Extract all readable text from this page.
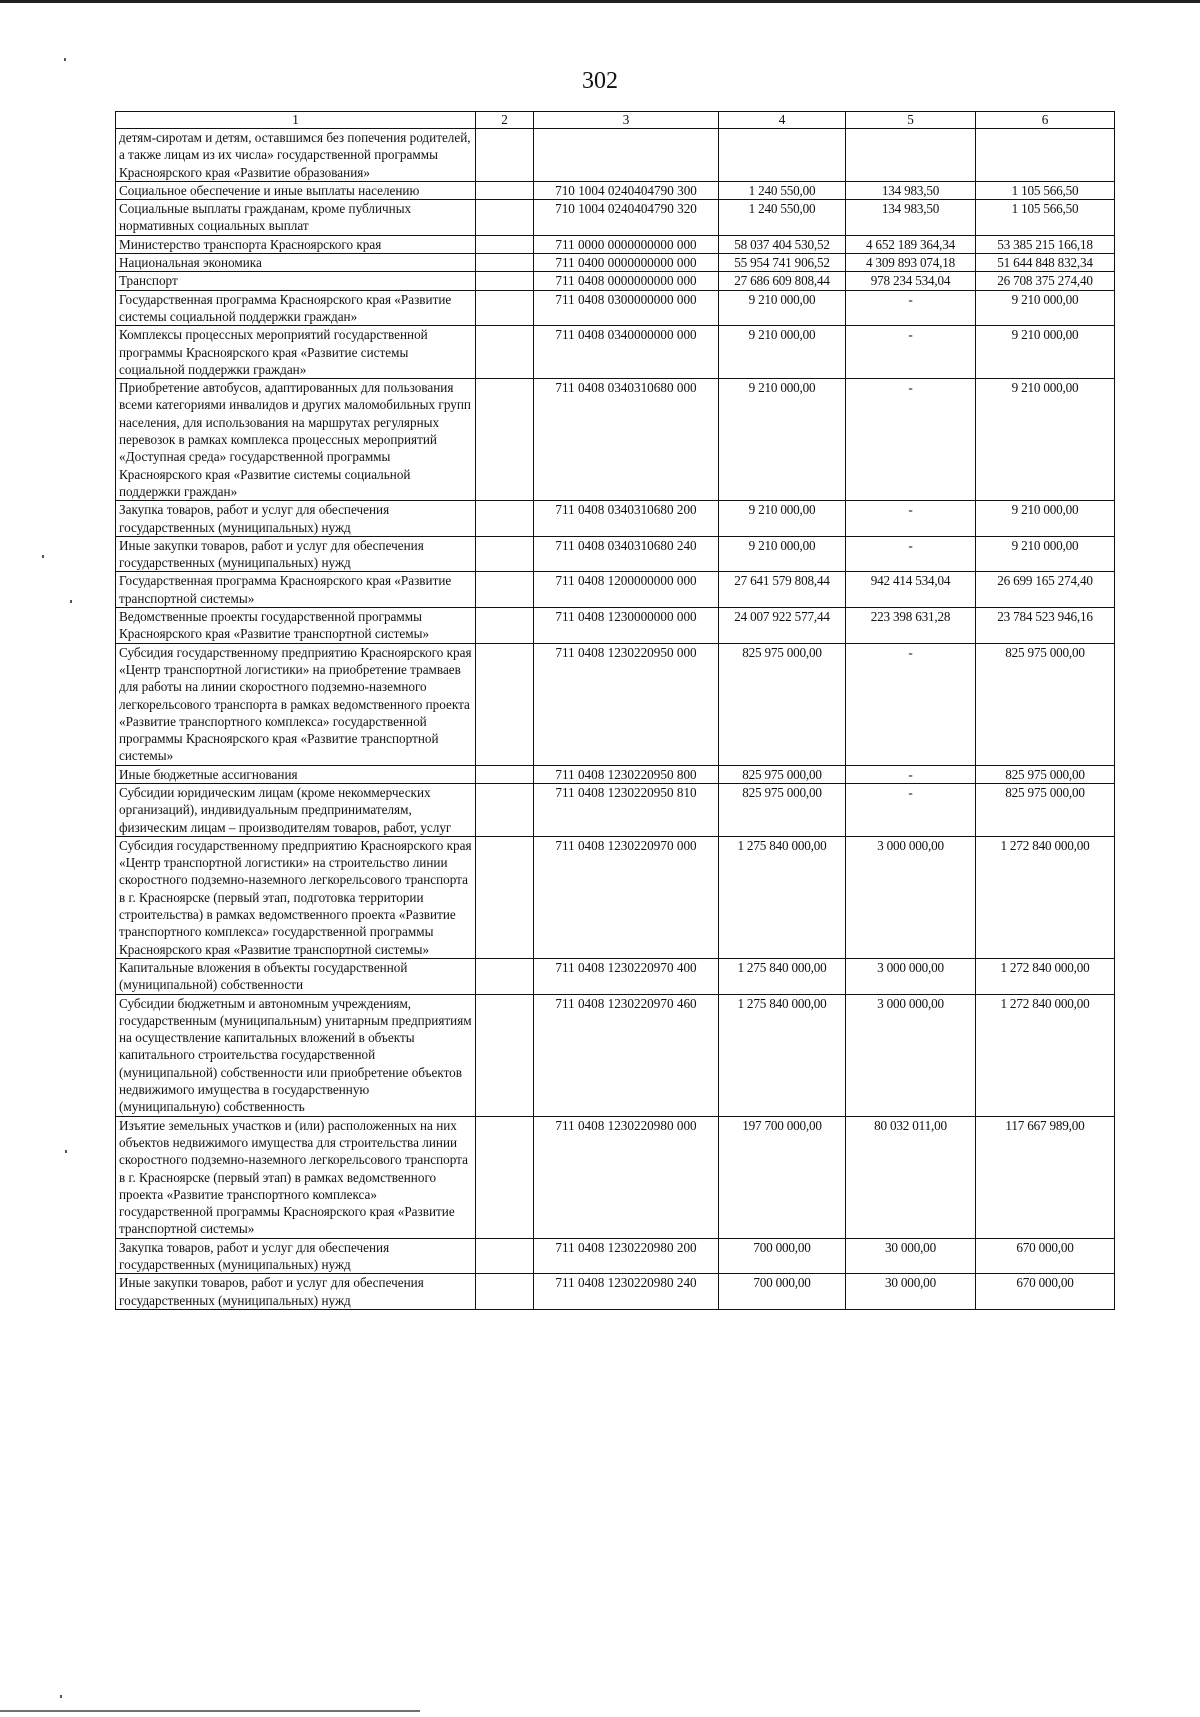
302
1	2	3	4	5	6
детям-сиротам и детям, оставшимся без попечения родителей, а также лицам из их числа» государственной программы Красноярского края «Развитие образования»					
Социальное обеспечение и иные выплаты населению		710 1004 0240404790 300	1 240 550,00	134 983,50	1 105 566,50
Социальные выплаты гражданам, кроме публичных нормативных социальных выплат		710 1004 0240404790 320	1 240 550,00	134 983,50	1 105 566,50
Министерство транспорта Красноярского края		711 0000 0000000000 000	58 037 404 530,52	4 652 189 364,34	53 385 215 166,18
Национальная экономика		711 0400 0000000000 000	55 954 741 906,52	4 309 893 074,18	51 644 848 832,34
Транспорт		711 0408 0000000000 000	27 686 609 808,44	978 234 534,04	26 708 375 274,40
Государственная программа Красноярского края «Развитие системы социальной поддержки граждан»		711 0408 0300000000 000	9 210 000,00	-	9 210 000,00
Комплексы процессных мероприятий государственной программы Красноярского края «Развитие системы социальной поддержки граждан»		711 0408 0340000000 000	9 210 000,00	-	9 210 000,00
Приобретение автобусов, адаптированных для пользования всеми категориями инвалидов и других маломобильных групп населения, для использования на маршрутах регулярных перевозок в рамках комплекса процессных мероприятий «Доступная среда» государственной программы Красноярского края «Развитие системы социальной поддержки граждан»		711 0408 0340310680 000	9 210 000,00	-	9 210 000,00
Закупка товаров, работ и услуг для обеспечения государственных (муниципальных) нужд		711 0408 0340310680 200	9 210 000,00	-	9 210 000,00
Иные закупки товаров, работ и услуг для обеспечения государственных (муниципальных) нужд		711 0408 0340310680 240	9 210 000,00	-	9 210 000,00
Государственная программа Красноярского края «Развитие транспортной системы»		711 0408 1200000000 000	27 641 579 808,44	942 414 534,04	26 699 165 274,40
Ведомственные проекты государственной программы Красноярского края «Развитие транспортной системы»		711 0408 1230000000 000	24 007 922 577,44	223 398 631,28	23 784 523 946,16
Субсидия государственному предприятию Красноярского края «Центр транспортной логистики» на приобретение трамваев для работы на линии скоростного подземно-наземного легкорельсового транспорта в рамках ведомственного проекта «Развитие транспортного комплекса» государственной программы Красноярского края «Развитие транспортной системы»		711 0408 1230220950 000	825 975 000,00	-	825 975 000,00
Иные бюджетные ассигнования		711 0408 1230220950 800	825 975 000,00	-	825 975 000,00
Субсидии юридическим лицам (кроме некоммерческих организаций), индивидуальным предпринимателям, физическим лицам – производителям товаров, работ, услуг		711 0408 1230220950 810	825 975 000,00	-	825 975 000,00
Субсидия государственному предприятию Красноярского края «Центр транспортной логистики» на строительство линии скоростного подземно-наземного легкорельсового транспорта в г. Красноярске (первый этап, подготовка территории строительства) в рамках ведомственного проекта «Развитие транспортного комплекса» государственной программы Красноярского края «Развитие транспортной системы»		711 0408 1230220970 000	1 275 840 000,00	3 000 000,00	1 272 840 000,00
Капитальные вложения в объекты государственной (муниципальной) собственности		711 0408 1230220970 400	1 275 840 000,00	3 000 000,00	1 272 840 000,00
Субсидии бюджетным и автономным учреждениям, государственным (муниципальным) унитарным предприятиям на осуществление капитальных вложений в объекты капитального строительства государственной (муниципальной) собственности или приобретение объектов недвижимого имущества в государственную (муниципальную) собственность		711 0408 1230220970 460	1 275 840 000,00	3 000 000,00	1 272 840 000,00
Изъятие земельных участков и (или) расположенных на них объектов недвижимого имущества для строительства линии скоростного подземно-наземного легкорельсового транспорта в г. Красноярске (первый этап) в рамках ведомственного проекта «Развитие транспортного комплекса» государственной программы Красноярского края «Развитие транспортной системы»		711 0408 1230220980 000	197 700 000,00	80 032 011,00	117 667 989,00
Закупка товаров, работ и услуг для обеспечения государственных (муниципальных) нужд		711 0408 1230220980 200	700 000,00	30 000,00	670 000,00
Иные закупки товаров, работ и услуг для обеспечения государственных (муниципальных) нужд		711 0408 1230220980 240	700 000,00	30 000,00	670 000,00
